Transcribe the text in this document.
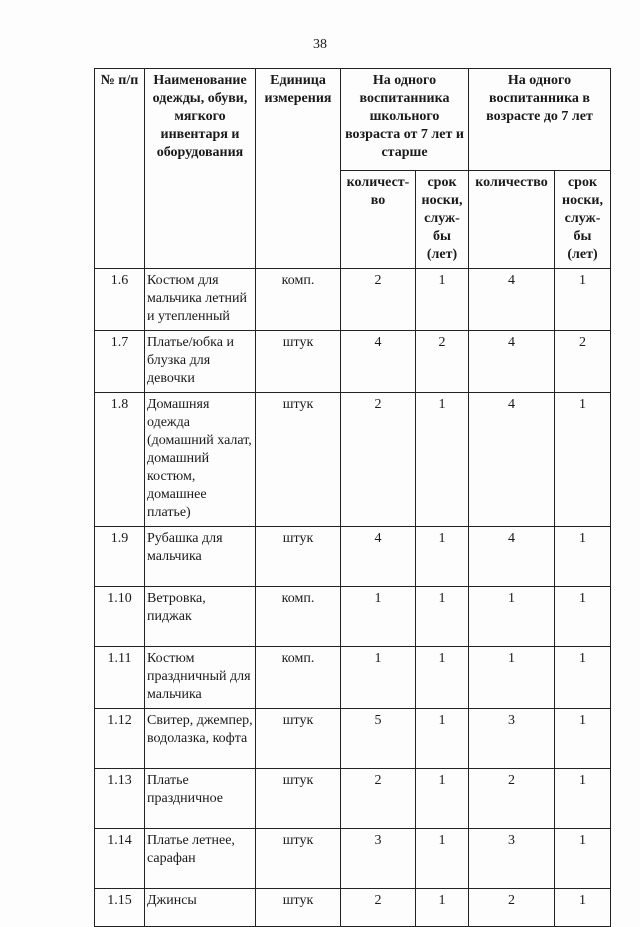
38
№ п/п	Наименование одежды, обуви, мягкого инвентаря и оборудования	Единица измерения	На одного воспитанника школьного возраста от 7 лет и старше		На одного воспитанника в возрасте до 7 лет	
			количест-во	срок носки, служ-бы (лет)	количество	срок носки, служ-бы (лет)
1.6	Костюм для мальчика летний и утепленный	комп.	2	1	4	1
1.7	Платье/юбка и блузка для девочки	штук	4	2	4	2
1.8	Домашняя одежда (домашний халат, домашний костюм, домашнее платье)	штук	2	1	4	1
1.9	Рубашка для мальчика	штук	4	1	4	1
1.10	Ветровка, пиджак	комп.	1	1	1	1
1.11	Костюм праздничный для мальчика	комп.	1	1	1	1
1.12	Свитер, джемпер, водолазка, кофта	штук	5	1	3	1
1.13	Платье праздничное	штук	2	1	2	1
1.14	Платье летнее, сарафан	штук	3	1	3	1
1.15	Джинсы	штук	2	1	2	1
